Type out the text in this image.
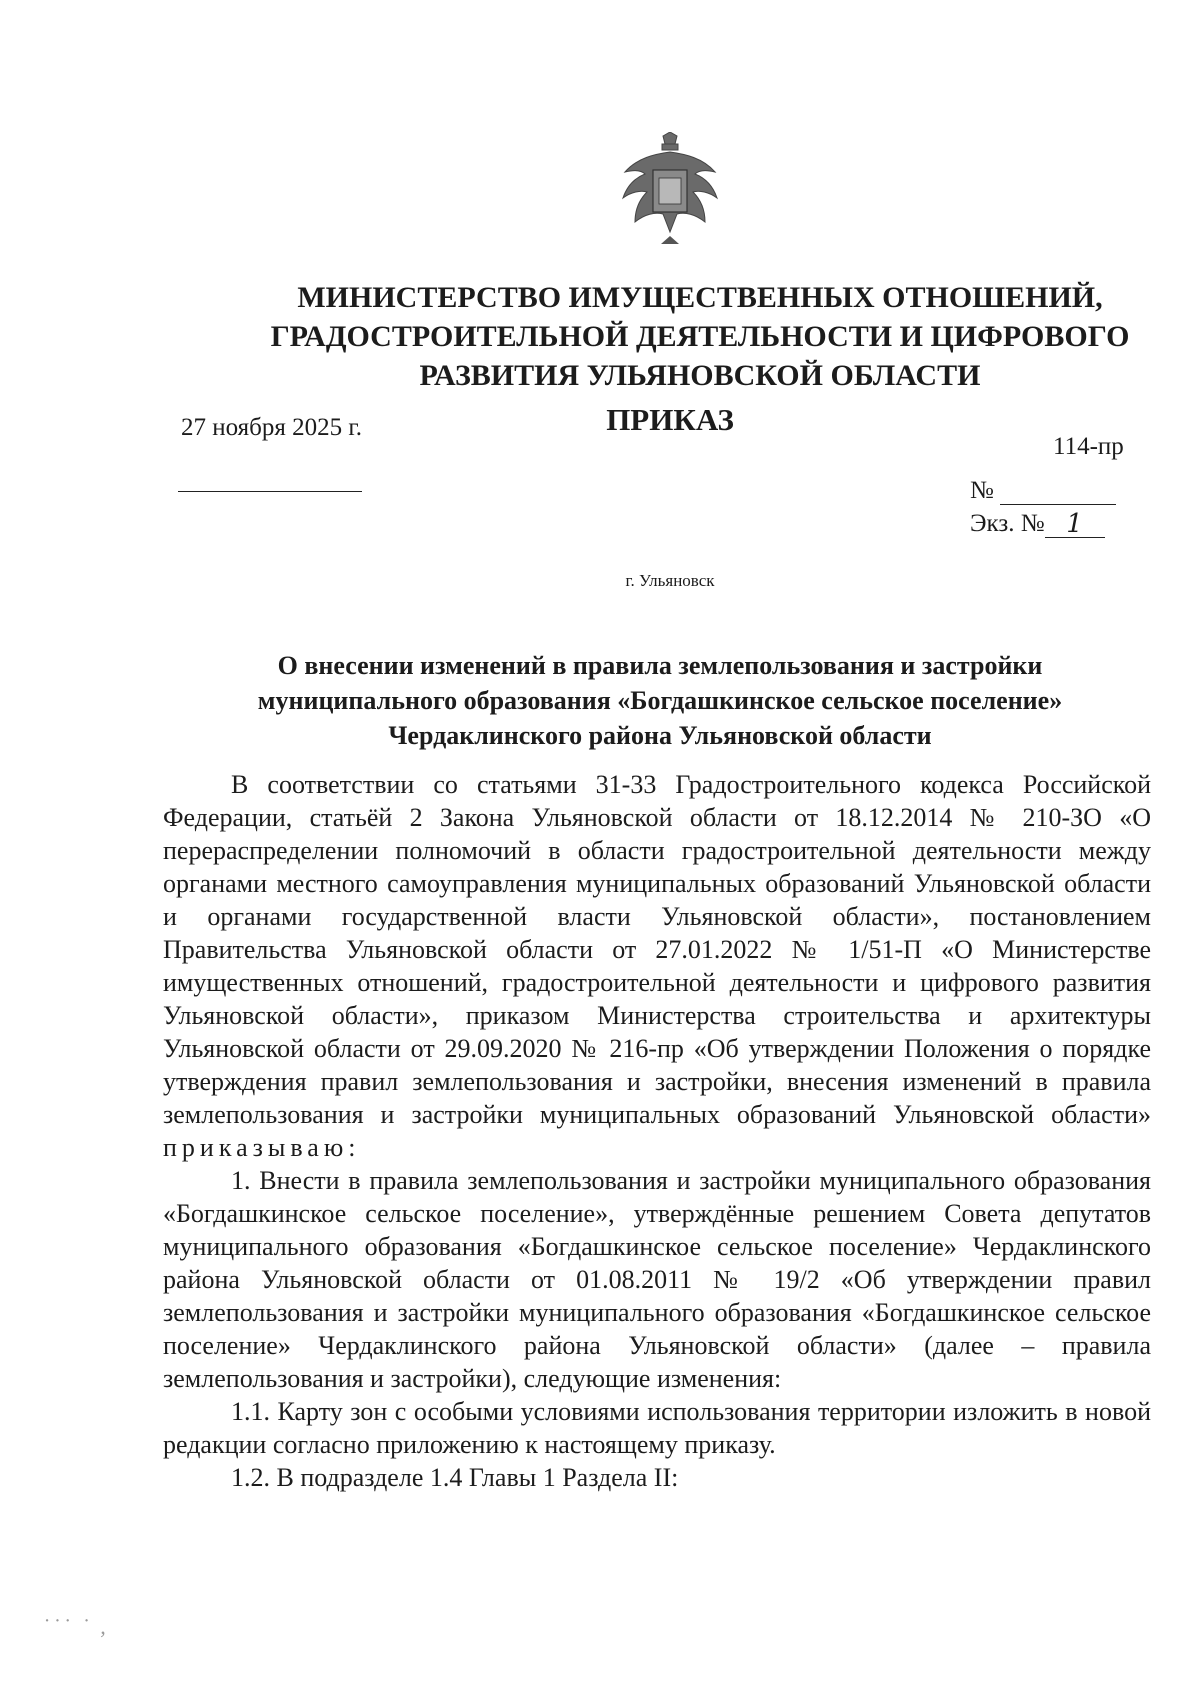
МИНИСТЕРСТВО ИМУЩЕСТВЕННЫХ ОТНОШЕНИЙ,
ГРАДОСТРОИТЕЛЬНОЙ ДЕЯТЕЛЬНОСТИ И ЦИФРОВОГО
РАЗВИТИЯ УЛЬЯНОВСКОЙ ОБЛАСТИ
ПРИКАЗ
27 ноября 2025 г.
114-пр
№
Экз. № 1
г. Ульяновск
О внесении изменений в правила землепользования и застройки
муниципального образования «Богдашкинское сельское поселение»
Чердаклинского района Ульяновской области

В соответствии со статьями 31-33 Градостроительного кодекса Российской Федерации, статьёй 2 Закона Ульяновской области от 18.12.2014 № 210-ЗО «О перераспределении полномочий в области градостроительной деятельности между органами местного самоуправления муниципальных образований Ульяновской области и органами государственной власти Ульяновской области», постановлением Правительства Ульяновской области от 27.01.2022 № 1/51-П «О Министерстве имущественных отношений, градостроительной деятельности и цифрового развития Ульяновской области», приказом Министерства строительства и архитектуры Ульяновской области от 29.09.2020 № 216-пр «Об утверждении Положения о порядке утверждения правил землепользования и застройки, внесения изменений в правила землепользования и застройки муниципальных образований Ульяновской области» приказываю:

1. Внести в правила землепользования и застройки муниципального образования «Богдашкинское сельское поселение», утверждённые решением Совета депутатов муниципального образования «Богдашкинское сельское поселение» Чердаклинского района Ульяновской области от 01.08.2011 № 19/2 «Об утверждении правил землепользования и застройки муниципального образования «Богдашкинское сельское поселение» Чердаклинского района Ульяновской области» (далее – правила землепользования и застройки), следующие изменения:

1.1. Карту зон с особыми условиями использования территории изложить в новой редакции согласно приложению к настоящему приказу.

1.2. В подразделе 1.4 Главы 1 Раздела II:

˙˙˙ ˙ ,
